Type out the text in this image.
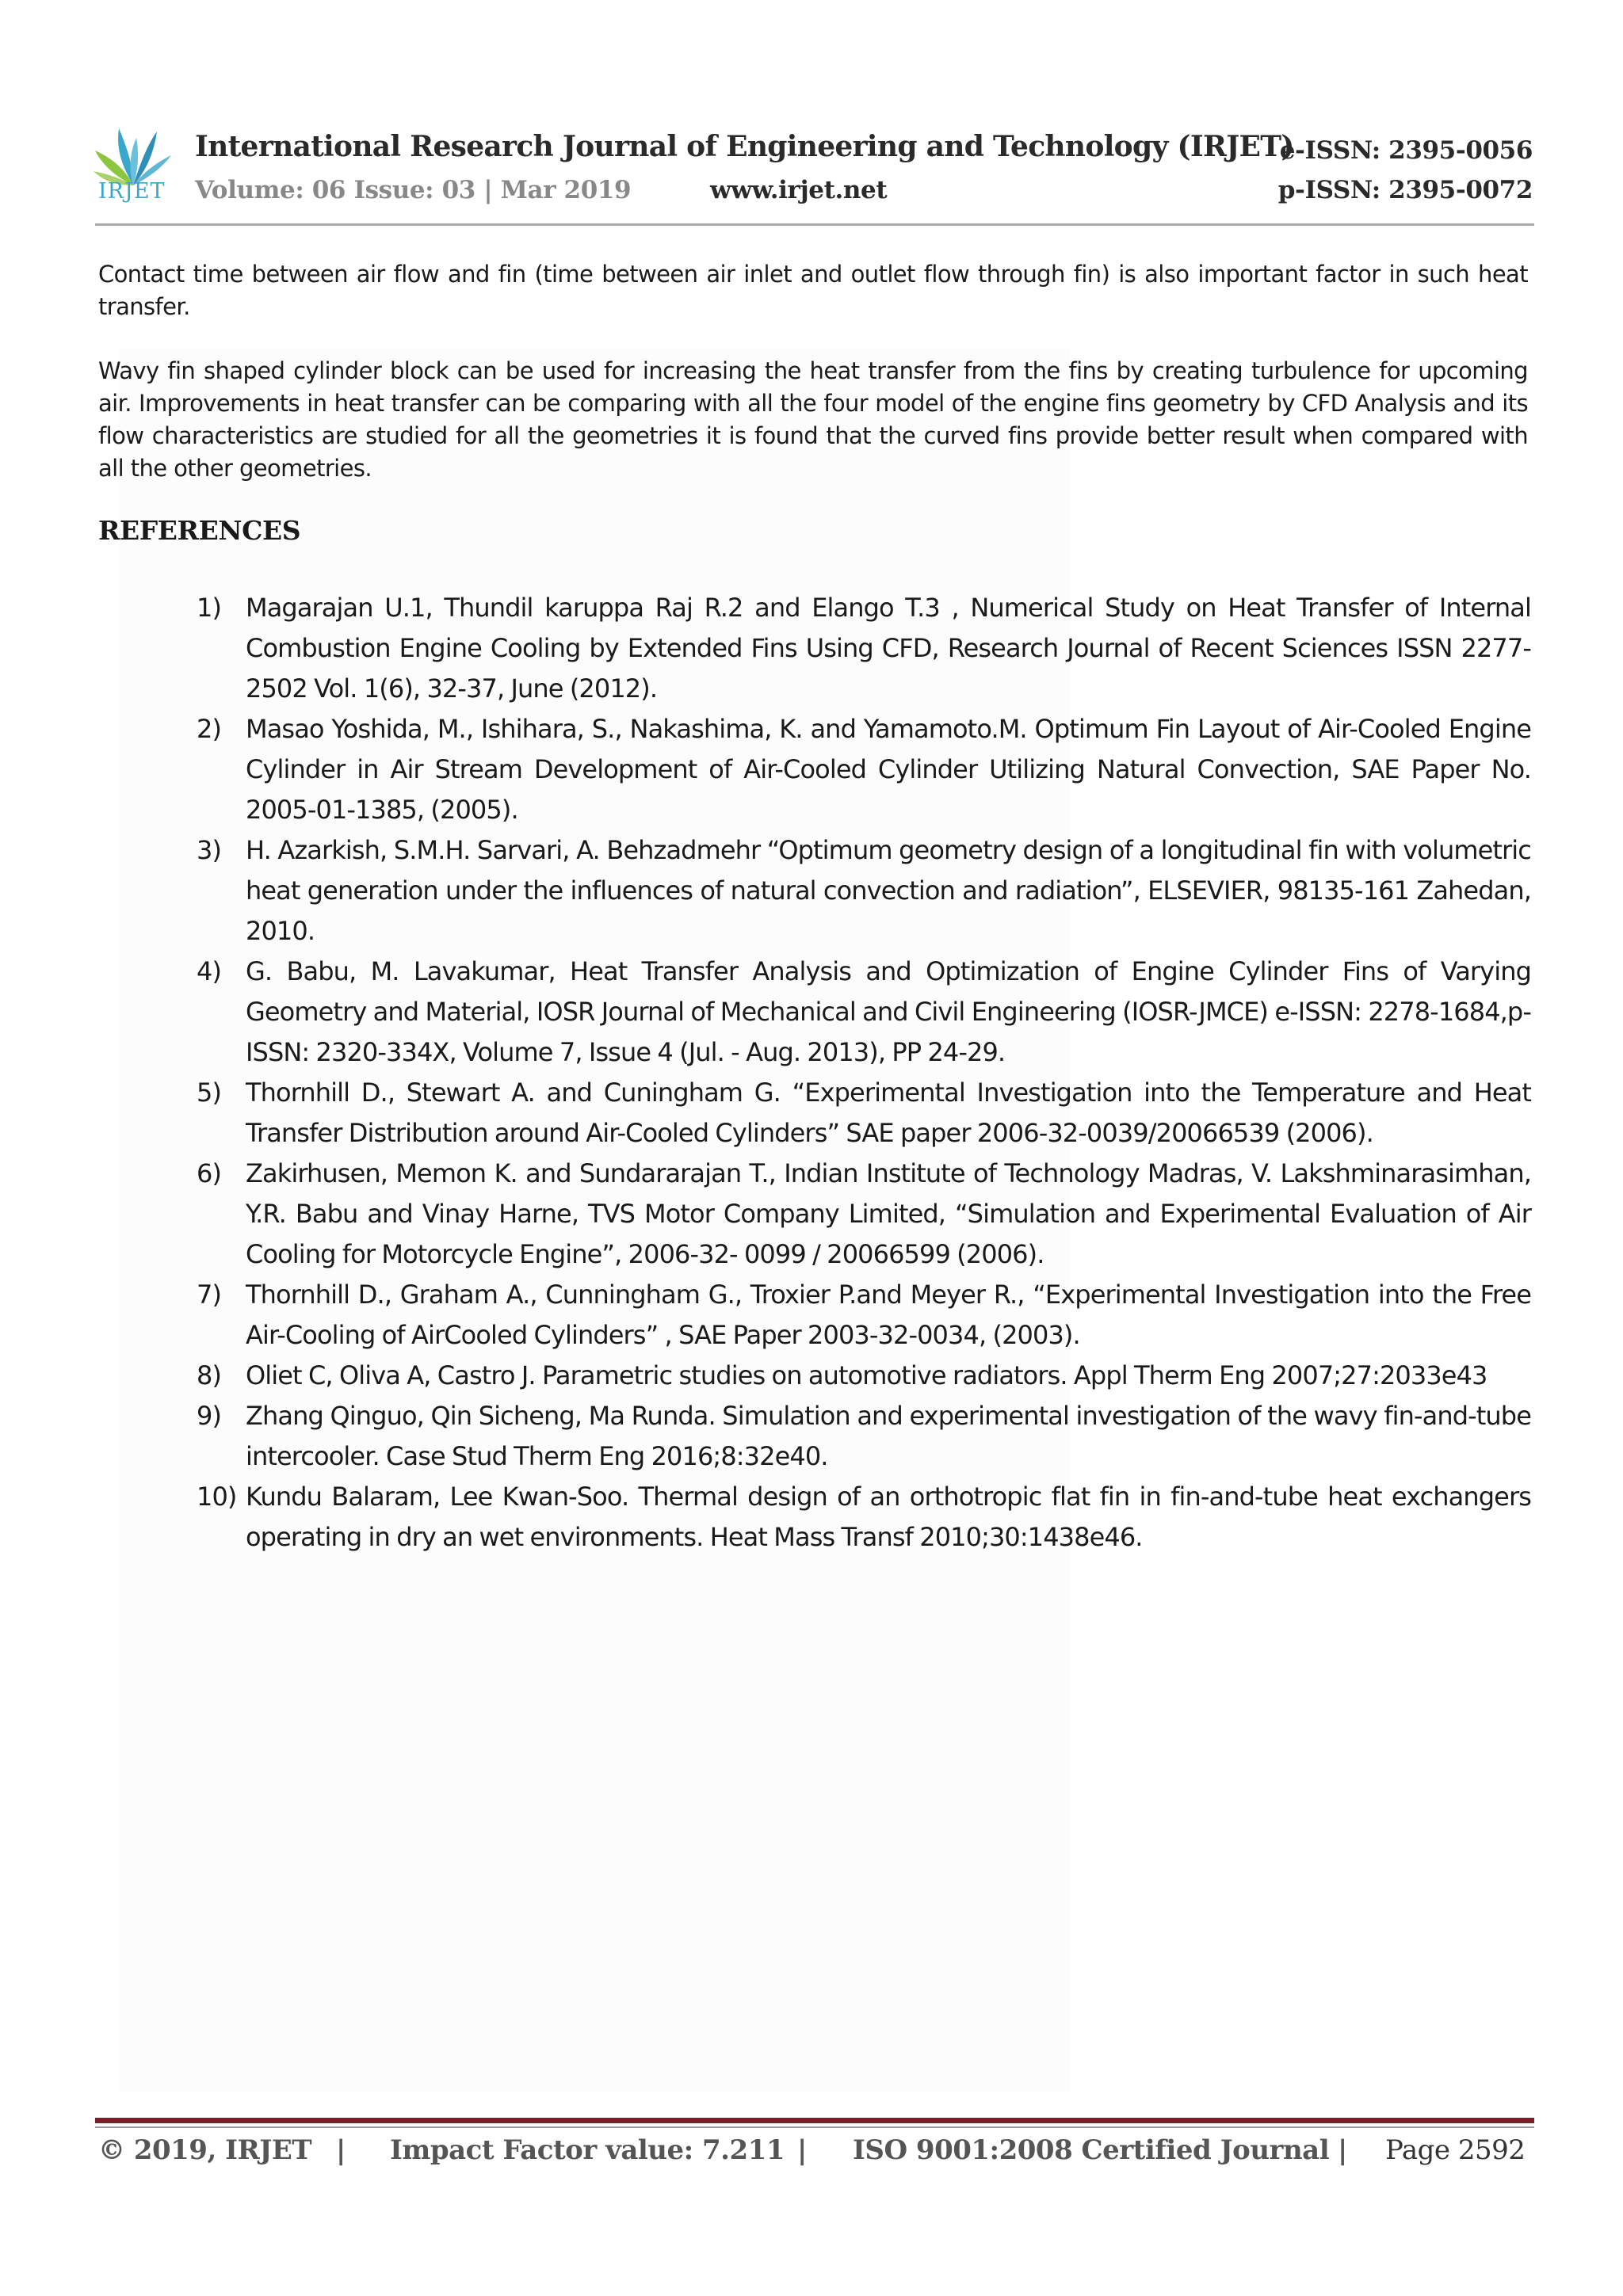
IRJET
International Research Journal of Engineering and Technology (IRJET)
e-ISSN: 2395-0056
Volume: 06 Issue: 03 | Mar 2019	www.irjet.net	p-ISSN: 2395-0072

Contact time between air flow and fin (time between air inlet and outlet flow through fin) is also important factor in such heat transfer.

Wavy fin shaped cylinder block can be used for increasing the heat transfer from the fins by creating turbulence for upcoming air. Improvements in heat transfer can be comparing with all the four model of the engine fins geometry by CFD Analysis and its flow characteristics are studied for all the geometries it is found that the curved fins provide better result when compared with all the other geometries.

REFERENCES
1) Magarajan U.1, Thundil karuppa Raj R.2 and Elango T.3 , Numerical Study on Heat Transfer of Internal Combustion Engine Cooling by Extended Fins Using CFD, Research Journal of Recent Sciences ISSN 2277-2502 Vol. 1(6), 32-37, June (2012).
2) Masao Yoshida, M., Ishihara, S., Nakashima, K. and Yamamoto.M. Optimum Fin Layout of Air-Cooled Engine Cylinder in Air Stream Development of Air-Cooled Cylinder Utilizing Natural Convection, SAE Paper No. 2005-01-1385, (2005).
3) H. Azarkish, S.M.H. Sarvari, A. Behzadmehr “Optimum geometry design of a longitudinal fin with volumetric heat generation under the influences of natural convection and radiation”, ELSEVIER, 98135-161 Zahedan, 2010.
4) G. Babu, M. Lavakumar, Heat Transfer Analysis and Optimization of Engine Cylinder Fins of Varying Geometry and Material, IOSR Journal of Mechanical and Civil Engineering (IOSR-JMCE) e-ISSN: 2278-1684,p-ISSN: 2320-334X, Volume 7, Issue 4 (Jul. - Aug. 2013), PP 24-29.
5) Thornhill D., Stewart A. and Cuningham G. “Experimental Investigation into the Temperature and Heat Transfer Distribution around Air-Cooled Cylinders” SAE paper 2006-32-0039/20066539 (2006).
6) Zakirhusen, Memon K. and Sundararajan T., Indian Institute of Technology Madras, V. Lakshminarasimhan, Y.R. Babu and Vinay Harne, TVS Motor Company Limited, “Simulation and Experimental Evaluation of Air Cooling for Motorcycle Engine”, 2006-32- 0099 / 20066599 (2006).
7) Thornhill D., Graham A., Cunningham G., Troxier P.and Meyer R., “Experimental Investigation into the Free Air-Cooling of AirCooled Cylinders” , SAE Paper 2003-32-0034, (2003).
8) Oliet C, Oliva A, Castro J. Parametric studies on automotive radiators. Appl Therm Eng 2007;27:2033e43
9) Zhang Qinguo, Qin Sicheng, Ma Runda. Simulation and experimental investigation of the wavy fin-and-tube intercooler. Case Stud Therm Eng 2016;8:32e40.
10) Kundu Balaram, Lee Kwan-Soo. Thermal design of an orthotropic flat fin in fin-and-tube heat exchangers operating in dry an wet environments. Heat Mass Transf 2010;30:1438e46.
© 2019, IRJET | Impact Factor value: 7.211 | ISO 9001:2008 Certified Journal | Page 2592
